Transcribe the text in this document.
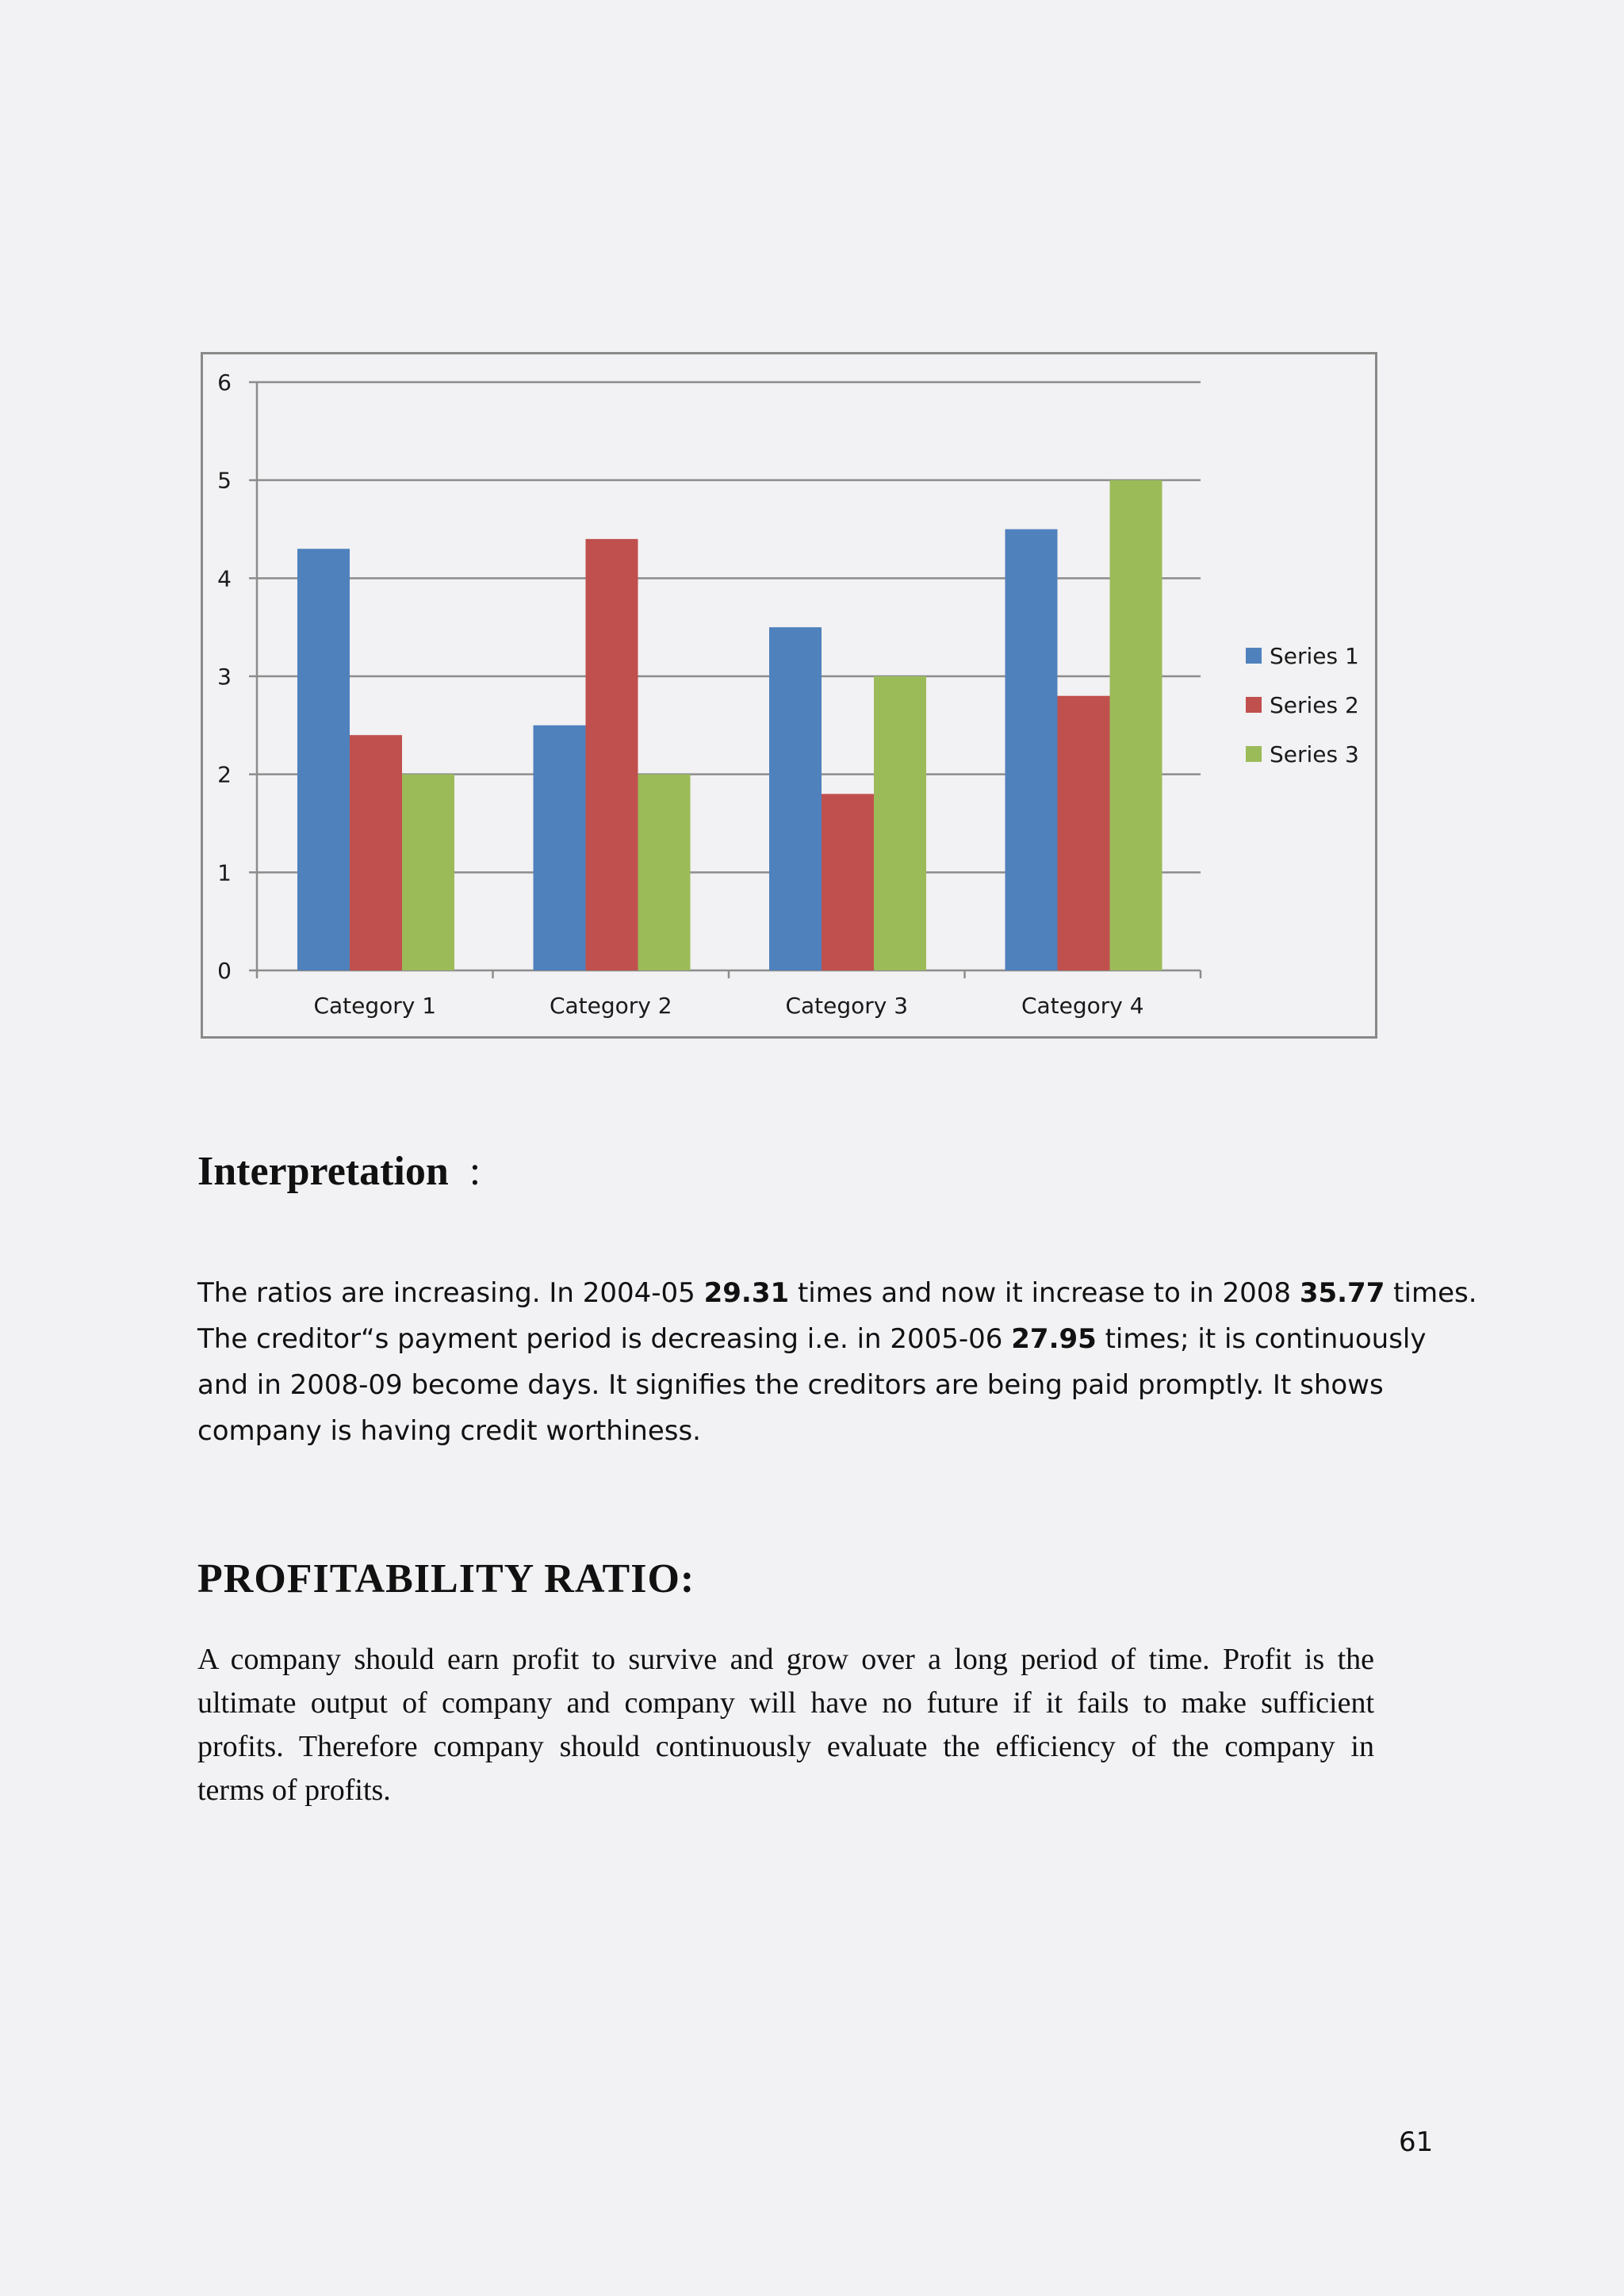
0
1
2
3
4
5
6
Category 1	Category 2	Category 3	Category 4
Series 1
Series 2
Series 3
Interpretation :
The ratios are increasing. In 2004-05 29.31 times and now it increase to in 2008 35.77 times.
The creditor“s payment period is decreasing i.e. in 2005-06 27.95 times; it is continuously
and in 2008-09 become days. It signifies the creditors are being paid promptly. It shows
company is having credit worthiness.
PROFITABILITY RATIO:
A company should earn profit to survive and grow over a long period of time. Profit is the
ultimate output of company and company will have no future if it fails to make sufficient
profits. Therefore company should continuously evaluate the efficiency of the company in
terms of profits.
61
